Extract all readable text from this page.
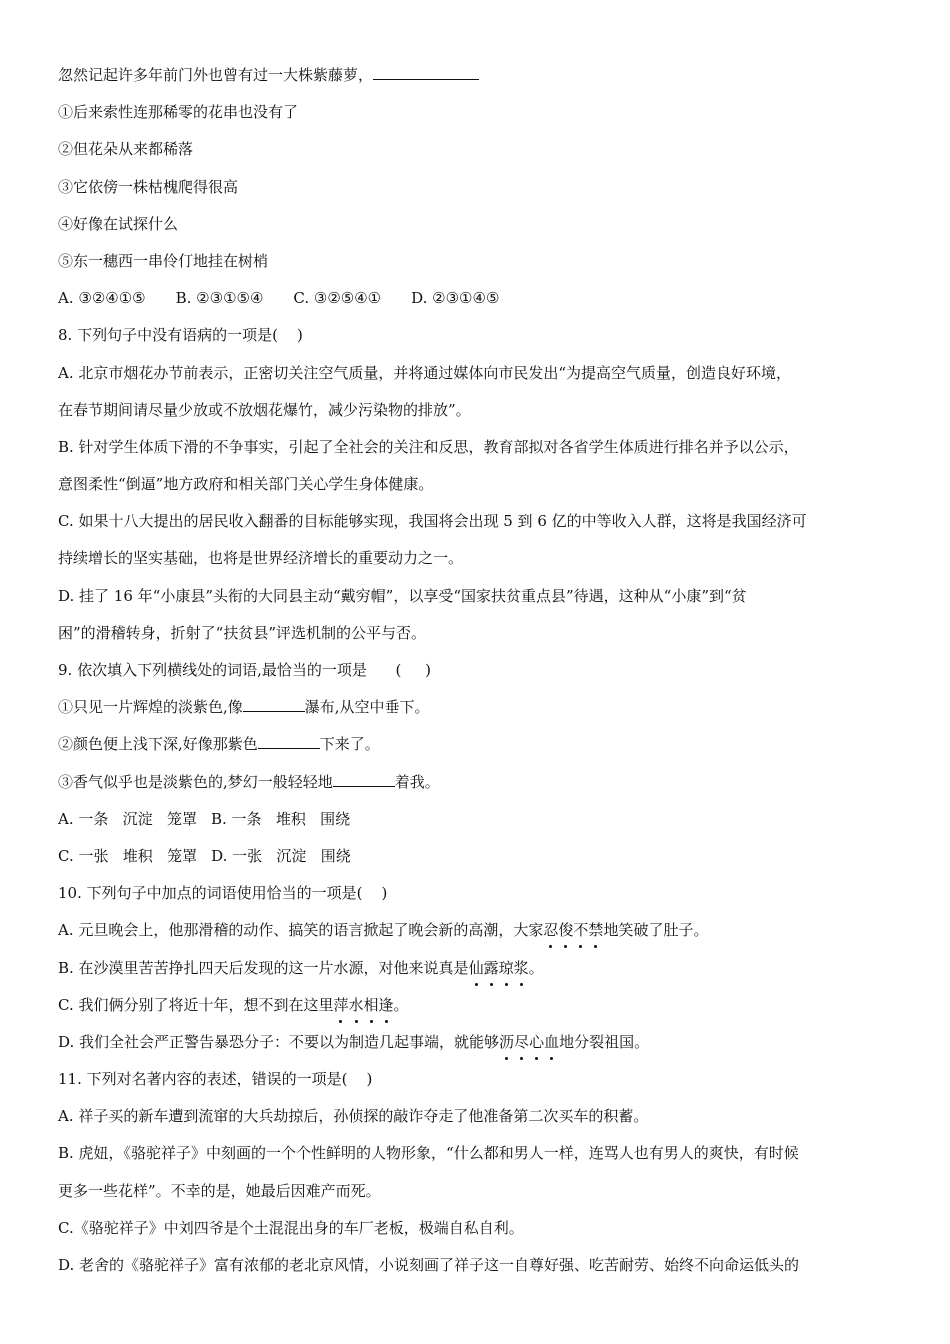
忽然记起许多年前门外也曾有过一大株紫藤萝，
①后来索性连那稀零的花串也没有了
②但花朵从来都稀落
③它依傍一株枯槐爬得很高
④好像在试探什么
⑤东一穗西一串伶仃地挂在树梢
A. ③②④①⑤ B. ②③①⑤④ C. ③②⑤④① D. ②③①④⑤
8. 下列句子中没有语病的一项是(    )
A. 北京市烟花办节前表示，正密切关注空气质量，并将通过媒体向市民发出“为提高空气质量，创造良好环境，
在春节期间请尽量少放或不放烟花爆竹，减少污染物的排放”。
B. 针对学生体质下滑的不争事实，引起了全社会的关注和反思，教育部拟对各省学生体质进行排名并予以公示，
意图柔性“倒逼”地方政府和相关部门关心学生身体健康。
C. 如果十八大提出的居民收入翻番的目标能够实现，我国将会出现 5 到 6 亿的中等收入人群，这将是我国经济可
持续增长的坚实基础，也将是世界经济增长的重要动力之一。
D. 挂了 16 年“小康县”头衔的大同县主动“戴穷帽”，以享受“国家扶贫重点县”待遇，这种从“小康”到“贫
困”的滑稽转身，折射了“扶贫县”评选机制的公平与否。
9. 依次填入下列横线处的词语,最恰当的一项是      (     )
①只见一片辉煌的淡紫色,像	瀑布,从空中垂下。
②颜色便上浅下深,好像那紫色	下来了。
③香气似乎也是淡紫色的,梦幻一般轻轻地	着我。
A. 一条   沉淀   笼罩 B. 一条   堆积   围绕
C. 一张   堆积   笼罩 D. 一张   沉淀   围绕
10. 下列句子中加点的词语使用恰当的一项是(    )
A. 元旦晚会上，他那滑稽的动作、搞笑的语言掀起了晚会新的高潮，大家忍俊不禁地笑破了肚子。
B. 在沙漠里苦苦挣扎四天后发现的这一片水源，对他来说真是仙露琼浆。
C. 我们俩分别了将近十年，想不到在这里萍水相逢。
D. 我们全社会严正警告暴恐分子：不要以为制造几起事端，就能够沥尽心血地分裂祖国。
11. 下列对名著内容的表述，错误的一项是(    )
A. 祥子买的新车遭到流窜的大兵劫掠后，孙侦探的敲诈夺走了他准备第二次买车的积蓄。
B. 虎妞，《骆驼祥子》中刻画的一个个性鲜明的人物形象，“什么都和男人一样，连骂人也有男人的爽快，有时候
更多一些花样”。不幸的是，她最后因难产而死。
C.《骆驼祥子》中刘四爷是个土混混出身的车厂老板，极端自私自利。
D. 老舍的《骆驼祥子》富有浓郁的老北京风情，小说刻画了祥子这一自尊好强、吃苦耐劳、始终不向命运低头的
